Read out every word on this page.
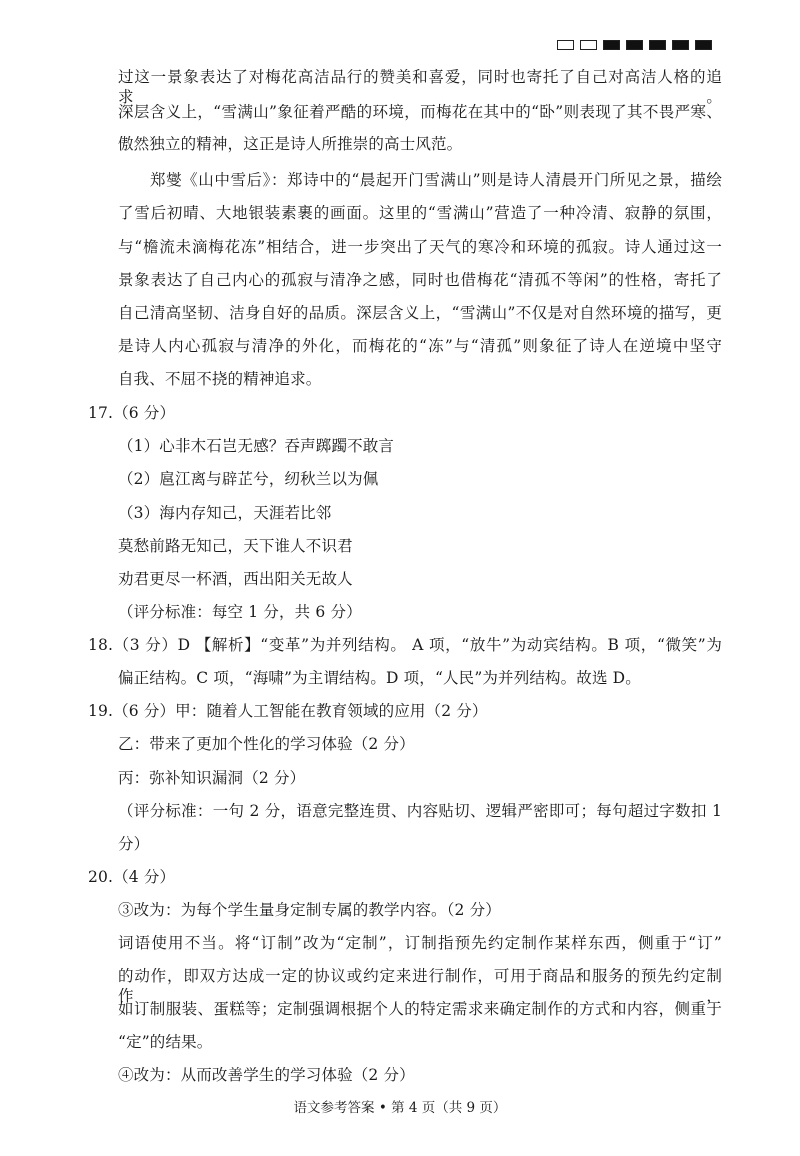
过这一景象表达了对梅花高洁品行的赞美和喜爱，同时也寄托了自己对高洁人格的追求。
深层含义上，“雪满山”象征着严酷的环境，而梅花在其中的“卧”则表现了其不畏严寒、
傲然独立的精神，这正是诗人所推崇的高士风范。
郑燮《山中雪后》：郑诗中的“晨起开门雪满山”则是诗人清晨开门所见之景，描绘
了雪后初晴、大地银装素裹的画面。这里的“雪满山”营造了一种冷清、寂静的氛围，
与“檐流未滴梅花冻”相结合，进一步突出了天气的寒冷和环境的孤寂。诗人通过这一
景象表达了自己内心的孤寂与清净之感，同时也借梅花“清孤不等闲”的性格，寄托了
自己清高坚韧、洁身自好的品质。深层含义上，“雪满山”不仅是对自然环境的描写，更
是诗人内心孤寂与清净的外化，而梅花的“冻”与“清孤”则象征了诗人在逆境中坚守
自我、不屈不挠的精神追求。
17.（6 分）
（1）心非木石岂无感？吞声踯躅不敢言
（2）扈江离与辟芷兮，纫秋兰以为佩
（3）海内存知己，天涯若比邻
莫愁前路无知己，天下谁人不识君
劝君更尽一杯酒，西出阳关无故人
（评分标准：每空 1 分，共 6 分）
18.（3 分）D 【解析】“变革”为并列结构。 A 项，“放牛”为动宾结构。B 项，“微笑”为
偏正结构。C 项，“海啸”为主谓结构。D 项，“人民”为并列结构。故选 D。
19.（6 分）甲：随着人工智能在教育领域的应用（2 分）
乙：带来了更加个性化的学习体验（2 分）
丙：弥补知识漏洞（2 分）
（评分标准：一句 2 分，语意完整连贯、内容贴切、逻辑严密即可；每句超过字数扣 1
分）
20.（4 分）
③改为：为每个学生量身定制专属的教学内容。（2 分）
词语使用不当。将“订制”改为“定制”，订制指预先约定制作某样东西，侧重于“订”
的动作，即双方达成一定的协议或约定来进行制作，可用于商品和服务的预先约定制作，
如订制服装、蛋糕等；定制强调根据个人的特定需求来确定制作的方式和内容，侧重于
“定”的结果。
④改为：从而改善学生的学习体验（2 分）
语文参考答案 • 第 4 页（共 9 页）
